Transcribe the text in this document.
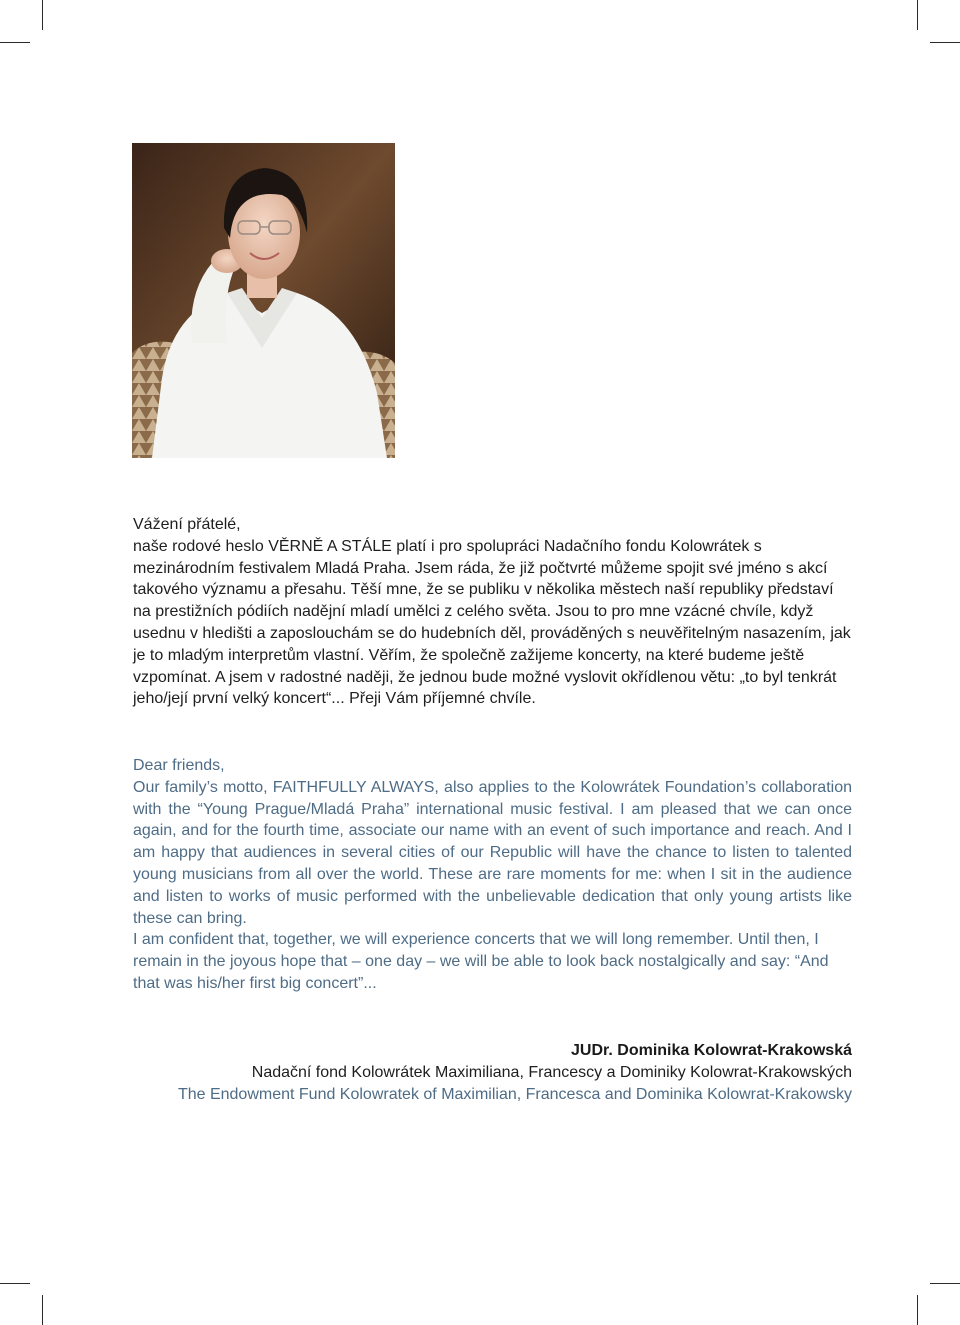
Vážení přátelé,

naše rodové heslo VĚRNĚ A STÁLE platí i pro spolupráci Nadačního fondu Kolowrátek s mezinárodním festivalem Mladá Praha. Jsem ráda, že již počtvrté můžeme spojit své jméno s akcí takového významu a přesahu. Těší mne, že se publiku v několika městech naší republiky představí na prestižních pódiích nadějní mladí umělci z celého světa. Jsou to pro mne vzácné chvíle, když usednu v hledišti a zaposlouchám se do hudebních děl, prováděných s neuvěřitelným nasazením, jak je to mladým interpretům vlastní. Věřím, že společně zažijeme koncerty, na které budeme ještě vzpomínat. A jsem v radostné naději, že jednou bude možné vyslovit okřídlenou větu: „to byl tenkrát jeho/její první velký koncert“... Přeji Vám příjemné chvíle.

Dear friends,

Our family’s motto, FAITHFULLY ALWAYS, also applies to the Kolowrátek Foundation’s collaboration with the “Young Prague/Mladá Praha” international music festival. I am pleased that we can once again, and for the fourth time, associate our name with an event of such importance and reach. And I am happy that audiences in several cities of our Republic will have the chance to listen to talented young musicians from all over the world. These are rare moments for me: when I sit in the audience and listen to works of music performed with the unbelievable dedication that only young artists like these can bring.

I am confident that, together, we will experience concerts that we will long remember. Until then, I remain in the joyous hope that – one day – we will be able to look back nostalgically and say: “And that was his/her first big concert”...

JUDr. Dominika Kolowrat-Krakowská
Nadační fond Kolowrátek Maximiliana, Francescy a Dominiky Kolowrat-Krakowských
The Endowment Fund Kolowratek of Maximilian, Francesca and Dominika Kolowrat-Krakowsky
